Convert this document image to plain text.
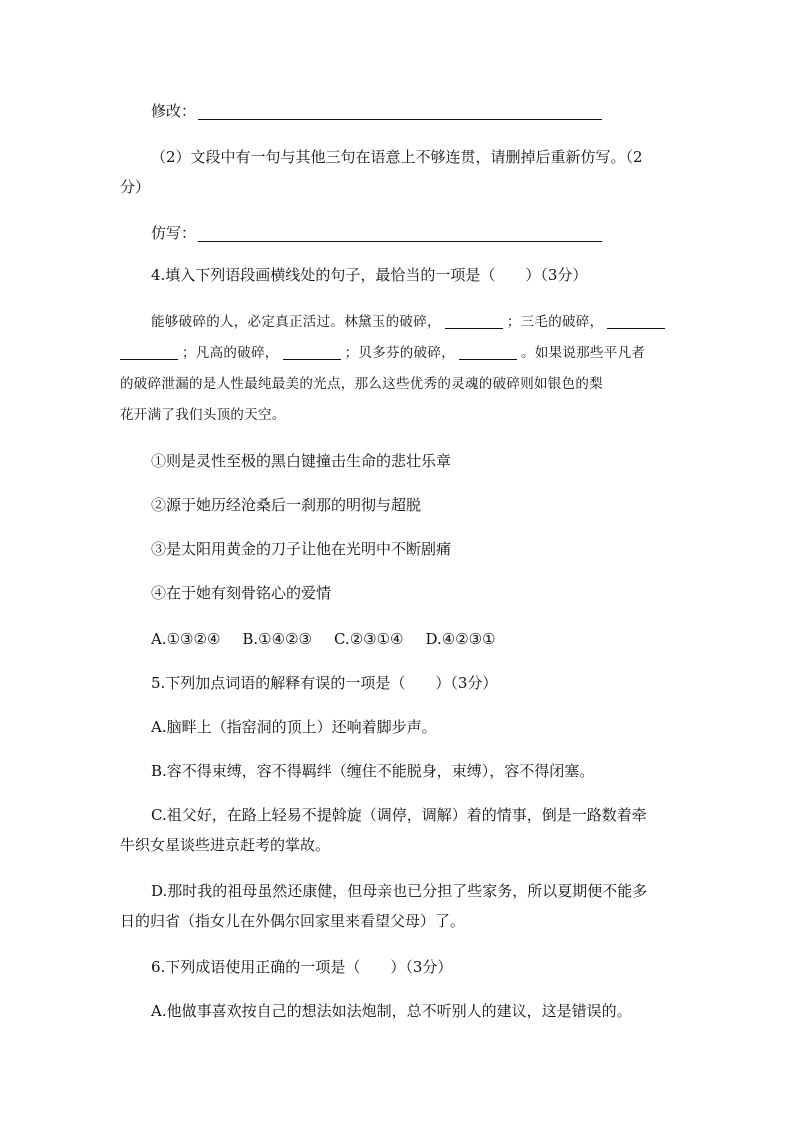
修改：
（2）文段中有一句与其他三句在语意上不够连贯，请删掉后重新仿写。（2
分）
仿写：
4.填入下列语段画横线处的句子，最恰当的一项是（　　）（3分）
能够破碎的人，必定真正活过。林黛玉的破碎，	；三毛的破碎，
；凡高的破碎，	；贝多芬的破碎，	。如果说那些平凡者
的破碎泄漏的是人性最纯最美的光点，那么这些优秀的灵魂的破碎则如银色的梨
花开满了我们头顶的天空。
①则是灵性至极的黑白键撞击生命的悲壮乐章
②源于她历经沧桑后一刹那的明彻与超脱
③是太阳用黄金的刀子让他在光明中不断剧痛
④在于她有刻骨铭心的爱情
A.①③②④ B.①④②③ C.②③①④ D.④②③①
5.下列加点词语的解释有误的一项是（　　）（3分）
A.脑畔上（指窑洞的顶上）还响着脚步声。
B.容不得束缚，容不得羁绊（缠住不能脱身，束缚），容不得闭塞。
C.祖父好，在路上轻易不提斡旋（调停，调解）着的情事，倒是一路数着牵
牛织女星谈些进京赶考的掌故。
D.那时我的祖母虽然还康健，但母亲也已分担了些家务，所以夏期便不能多
日的归省（指女儿在外偶尔回家里来看望父母）了。
6.下列成语使用正确的一项是（　　）（3分）
A.他做事喜欢按自己的想法如法炮制，总不听别人的建议，这是错误的。
